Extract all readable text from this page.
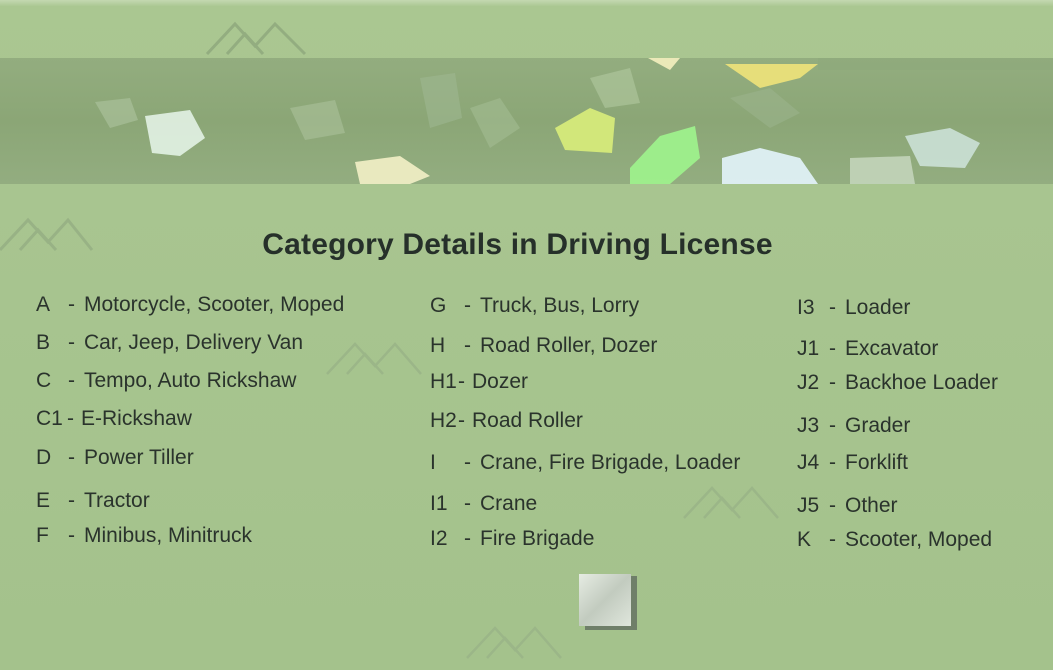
Category Details in Driving License
A - Motorcycle, Scooter, Moped
B - Car, Jeep, Delivery Van
C - Tempo, Auto Rickshaw
C1 - E-Rickshaw
D - Power Tiller
E - Tractor
F - Minibus, Minitruck
G - Truck, Bus, Lorry
H - Road Roller, Dozer
H1- Dozer
H2- Road Roller
I - Crane, Fire Brigade, Loader
I1 - Crane
I2 - Fire Brigade
I3 - Loader
J1 - Excavator
J2 - Backhoe Loader
J3 - Grader
J4 - Forklift
J5 - Other
K - Scooter, Moped
